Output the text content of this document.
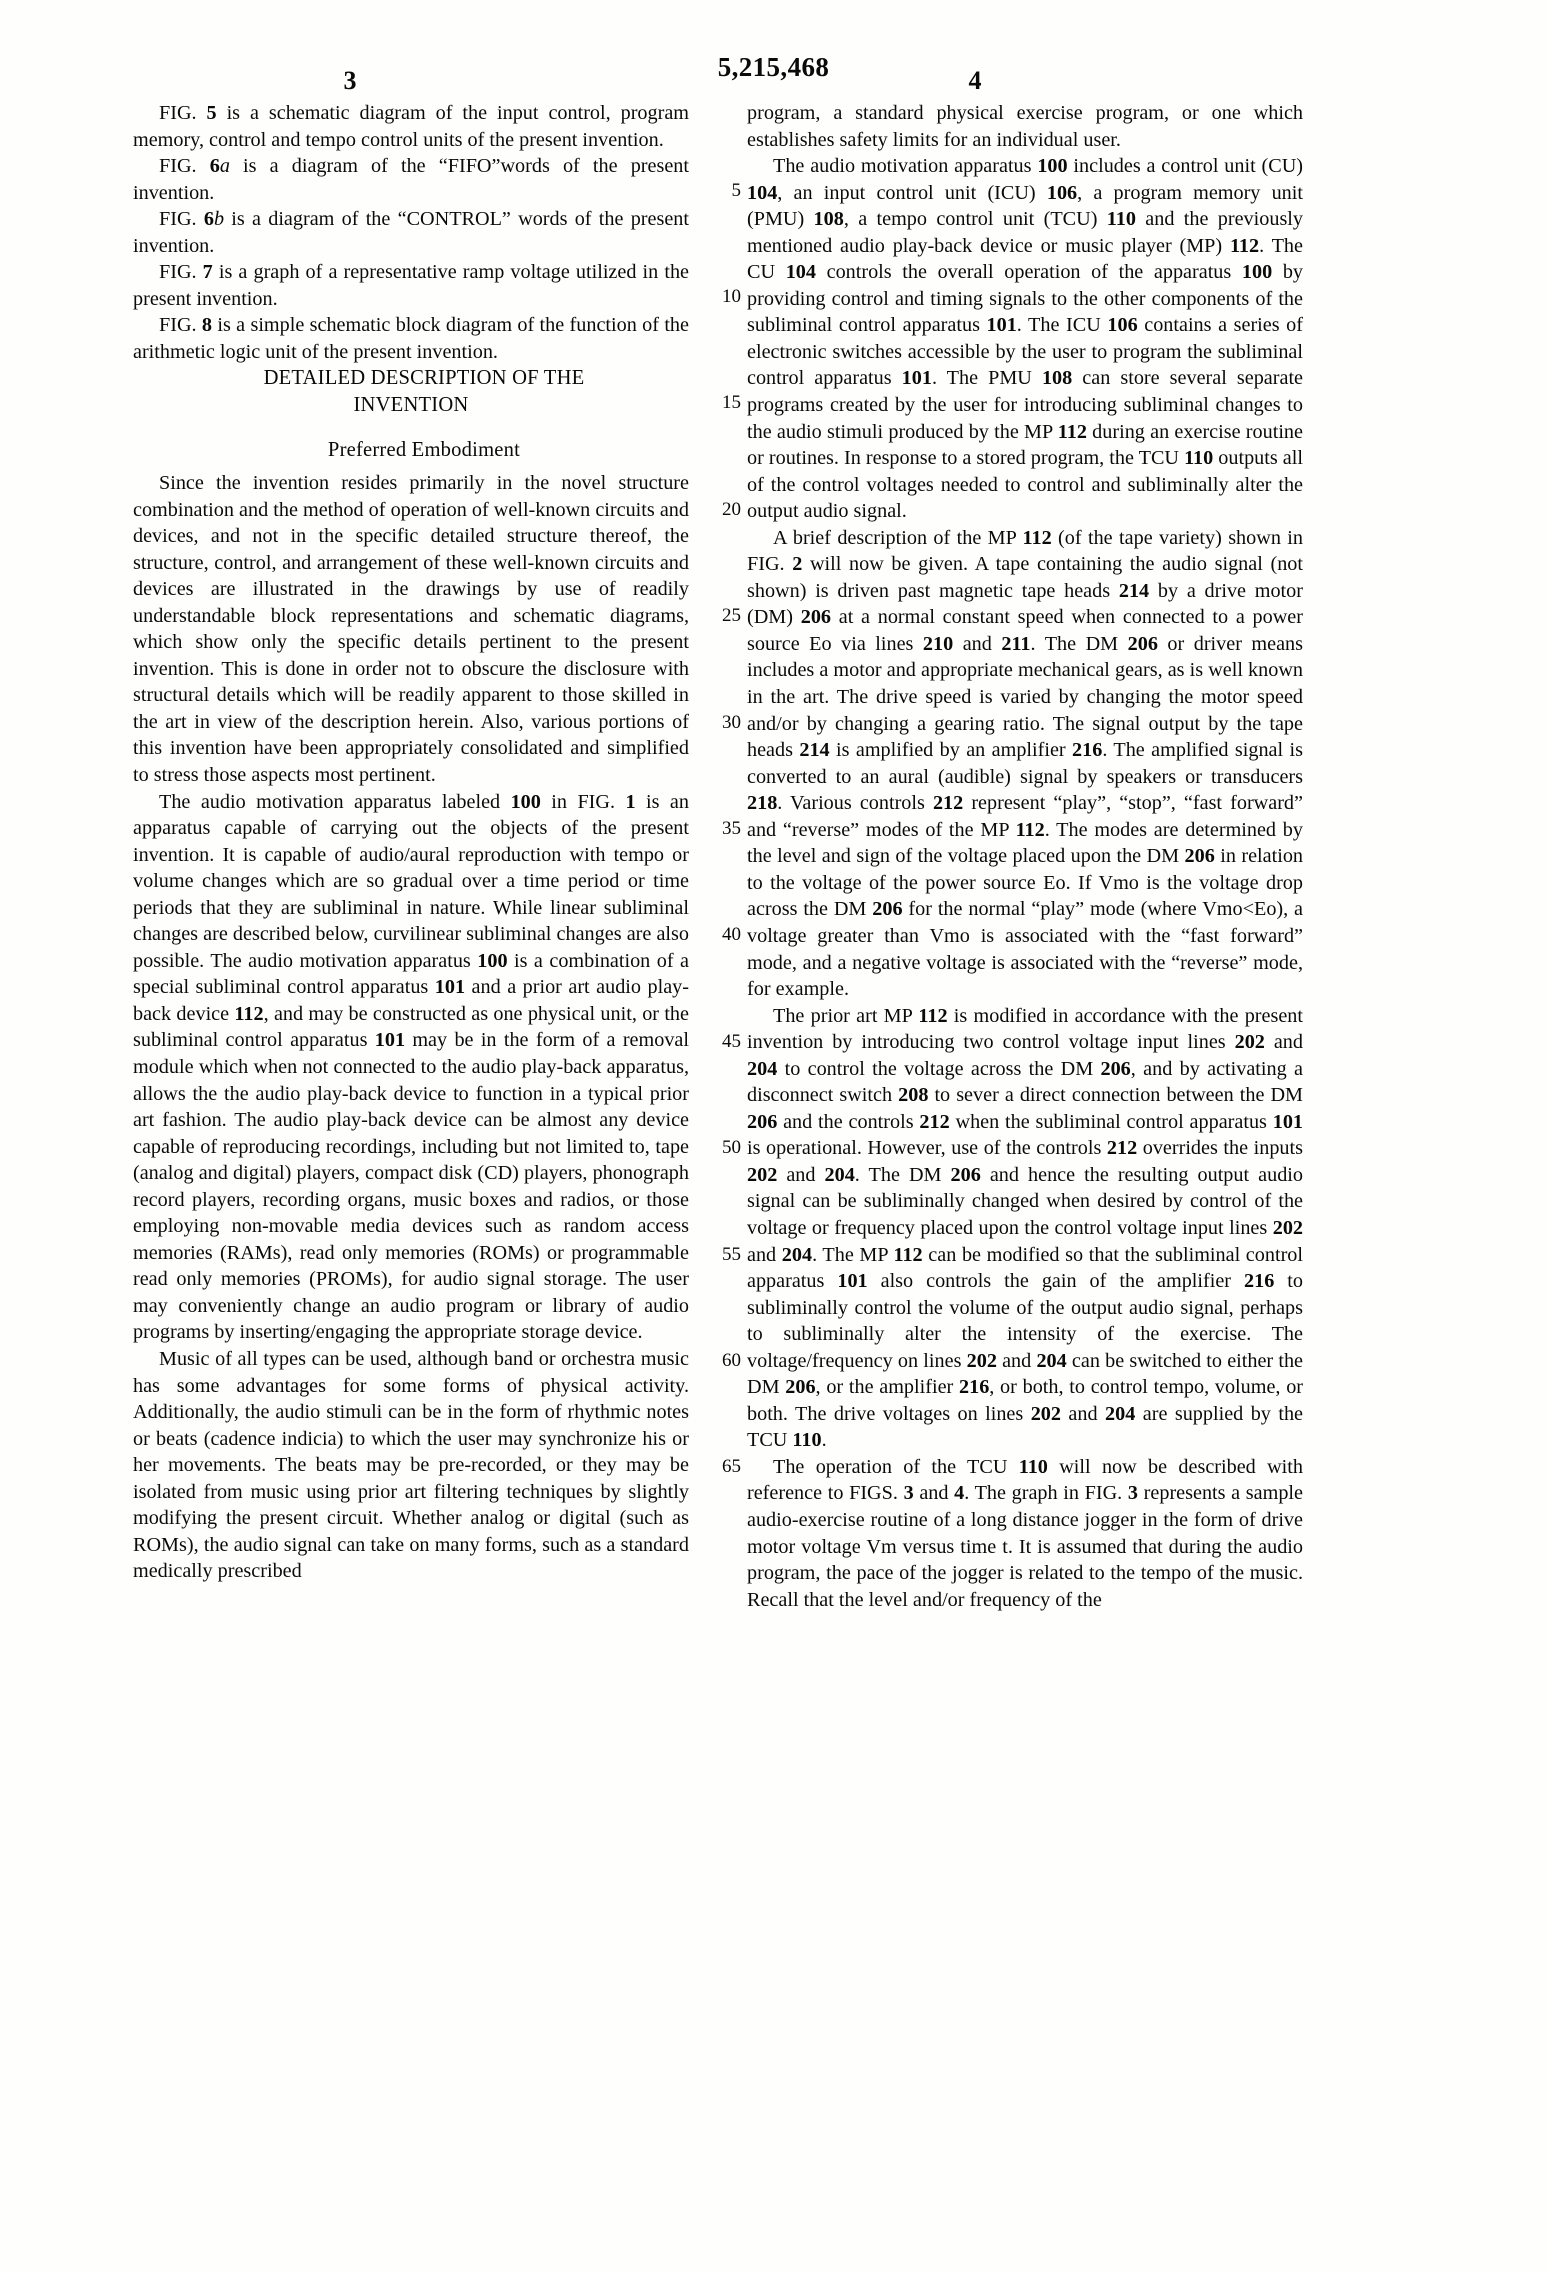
5,215,468
3	4
5
10
15
20
25
30
35
40
45
50
55
60
65

FIG. 5 is a schematic diagram of the input control, program memory, control and tempo control units of the present invention.

FIG. 6a is a diagram of the “FIFO”words of the present invention.

FIG. 6b is a diagram of the “CONTROL” words of the present invention.

FIG. 7 is a graph of a representative ramp voltage utilized in the present invention.

FIG. 8 is a simple schematic block diagram of the function of the arithmetic logic unit of the present invention.

DETAILED DESCRIPTION OF THE
INVENTION

Preferred Embodiment

Since the invention resides primarily in the novel structure combination and the method of operation of well-known circuits and devices, and not in the specific detailed structure thereof, the structure, control, and arrangement of these well-known circuits and devices are illustrated in the drawings by use of readily understandable block representations and schematic diagrams, which show only the specific details pertinent to the present invention. This is done in order not to obscure the disclosure with structural details which will be readily apparent to those skilled in the art in view of the description herein. Also, various portions of this invention have been appropriately consolidated and simplified to stress those aspects most pertinent.

The audio motivation apparatus labeled 100 in FIG. 1 is an apparatus capable of carrying out the objects of the present invention. It is capable of audio/aural reproduction with tempo or volume changes which are so gradual over a time period or time periods that they are subliminal in nature. While linear subliminal changes are described below, curvilinear subliminal changes are also possible. The audio motivation apparatus 100 is a combination of a special subliminal control apparatus 101 and a prior art audio play-back device 112, and may be constructed as one physical unit, or the subliminal control apparatus 101 may be in the form of a removal module which when not connected to the audio play-back apparatus, allows the the audio play-back device to function in a typical prior art fashion. The audio play-back device can be almost any device capable of reproducing recordings, including but not limited to, tape (analog and digital) players, compact disk (CD) players, phonograph record players, recording organs, music boxes and radios, or those employing non-movable media devices such as random access memories (RAMs), read only memories (ROMs) or programmable read only memories (PROMs), for audio signal storage. The user may conveniently change an audio program or library of audio programs by inserting/engaging the appropriate storage device.

Music of all types can be used, although band or orchestra music has some advantages for some forms of physical activity. Additionally, the audio stimuli can be in the form of rhythmic notes or beats (cadence indicia) to which the user may synchronize his or her movements. The beats may be pre-recorded, or they may be isolated from music using prior art filtering techniques by slightly modifying the present circuit. Whether analog or digital (such as ROMs), the audio signal can take on many forms, such as a standard medically prescribed

program, a standard physical exercise program, or one which establishes safety limits for an individual user.

The audio motivation apparatus 100 includes a control unit (CU) 104, an input control unit (ICU) 106, a program memory unit (PMU) 108, a tempo control unit (TCU) 110 and the previously mentioned audio play-back device or music player (MP) 112. The CU 104 controls the overall operation of the apparatus 100 by providing control and timing signals to the other components of the subliminal control apparatus 101. The ICU 106 contains a series of electronic switches accessible by the user to program the subliminal control apparatus 101. The PMU 108 can store several separate programs created by the user for introducing subliminal changes to the audio stimuli produced by the MP 112 during an exercise routine or routines. In response to a stored program, the TCU 110 outputs all of the control voltages needed to control and subliminally alter the output audio signal.

A brief description of the MP 112 (of the tape variety) shown in FIG. 2 will now be given. A tape containing the audio signal (not shown) is driven past magnetic tape heads 214 by a drive motor (DM) 206 at a normal constant speed when connected to a power source Eo via lines 210 and 211. The DM 206 or driver means includes a motor and appropriate mechanical gears, as is well known in the art. The drive speed is varied by changing the motor speed and/or by changing a gearing ratio. The signal output by the tape heads 214 is amplified by an amplifier 216. The amplified signal is converted to an aural (audible) signal by speakers or transducers 218. Various controls 212 represent “play”, “stop”, “fast forward” and “reverse” modes of the MP 112. The modes are determined by the level and sign of the voltage placed upon the DM 206 in relation to the voltage of the power source Eo. If Vmo is the voltage drop across the DM 206 for the normal “play” mode (where Vmo<Eo), a voltage greater than Vmo is associated with the “fast forward” mode, and a negative voltage is associated with the “reverse” mode, for example.

The prior art MP 112 is modified in accordance with the present invention by introducing two control voltage input lines 202 and 204 to control the voltage across the DM 206, and by activating a disconnect switch 208 to sever a direct connection between the DM 206 and the controls 212 when the subliminal control apparatus 101 is operational. However, use of the controls 212 overrides the inputs 202 and 204. The DM 206 and hence the resulting output audio signal can be subliminally changed when desired by control of the voltage or frequency placed upon the control voltage input lines 202 and 204. The MP 112 can be modified so that the subliminal control apparatus 101 also controls the gain of the amplifier 216 to subliminally control the volume of the output audio signal, perhaps to subliminally alter the intensity of the exercise. The voltage/frequency on lines 202 and 204 can be switched to either the DM 206, or the amplifier 216, or both, to control tempo, volume, or both. The drive voltages on lines 202 and 204 are supplied by the TCU 110.

The operation of the TCU 110 will now be described with reference to FIGS. 3 and 4. The graph in FIG. 3 represents a sample audio-exercise routine of a long distance jogger in the form of drive motor voltage Vm versus time t. It is assumed that during the audio program, the pace of the jogger is related to the tempo of the music. Recall that the level and/or frequency of the
